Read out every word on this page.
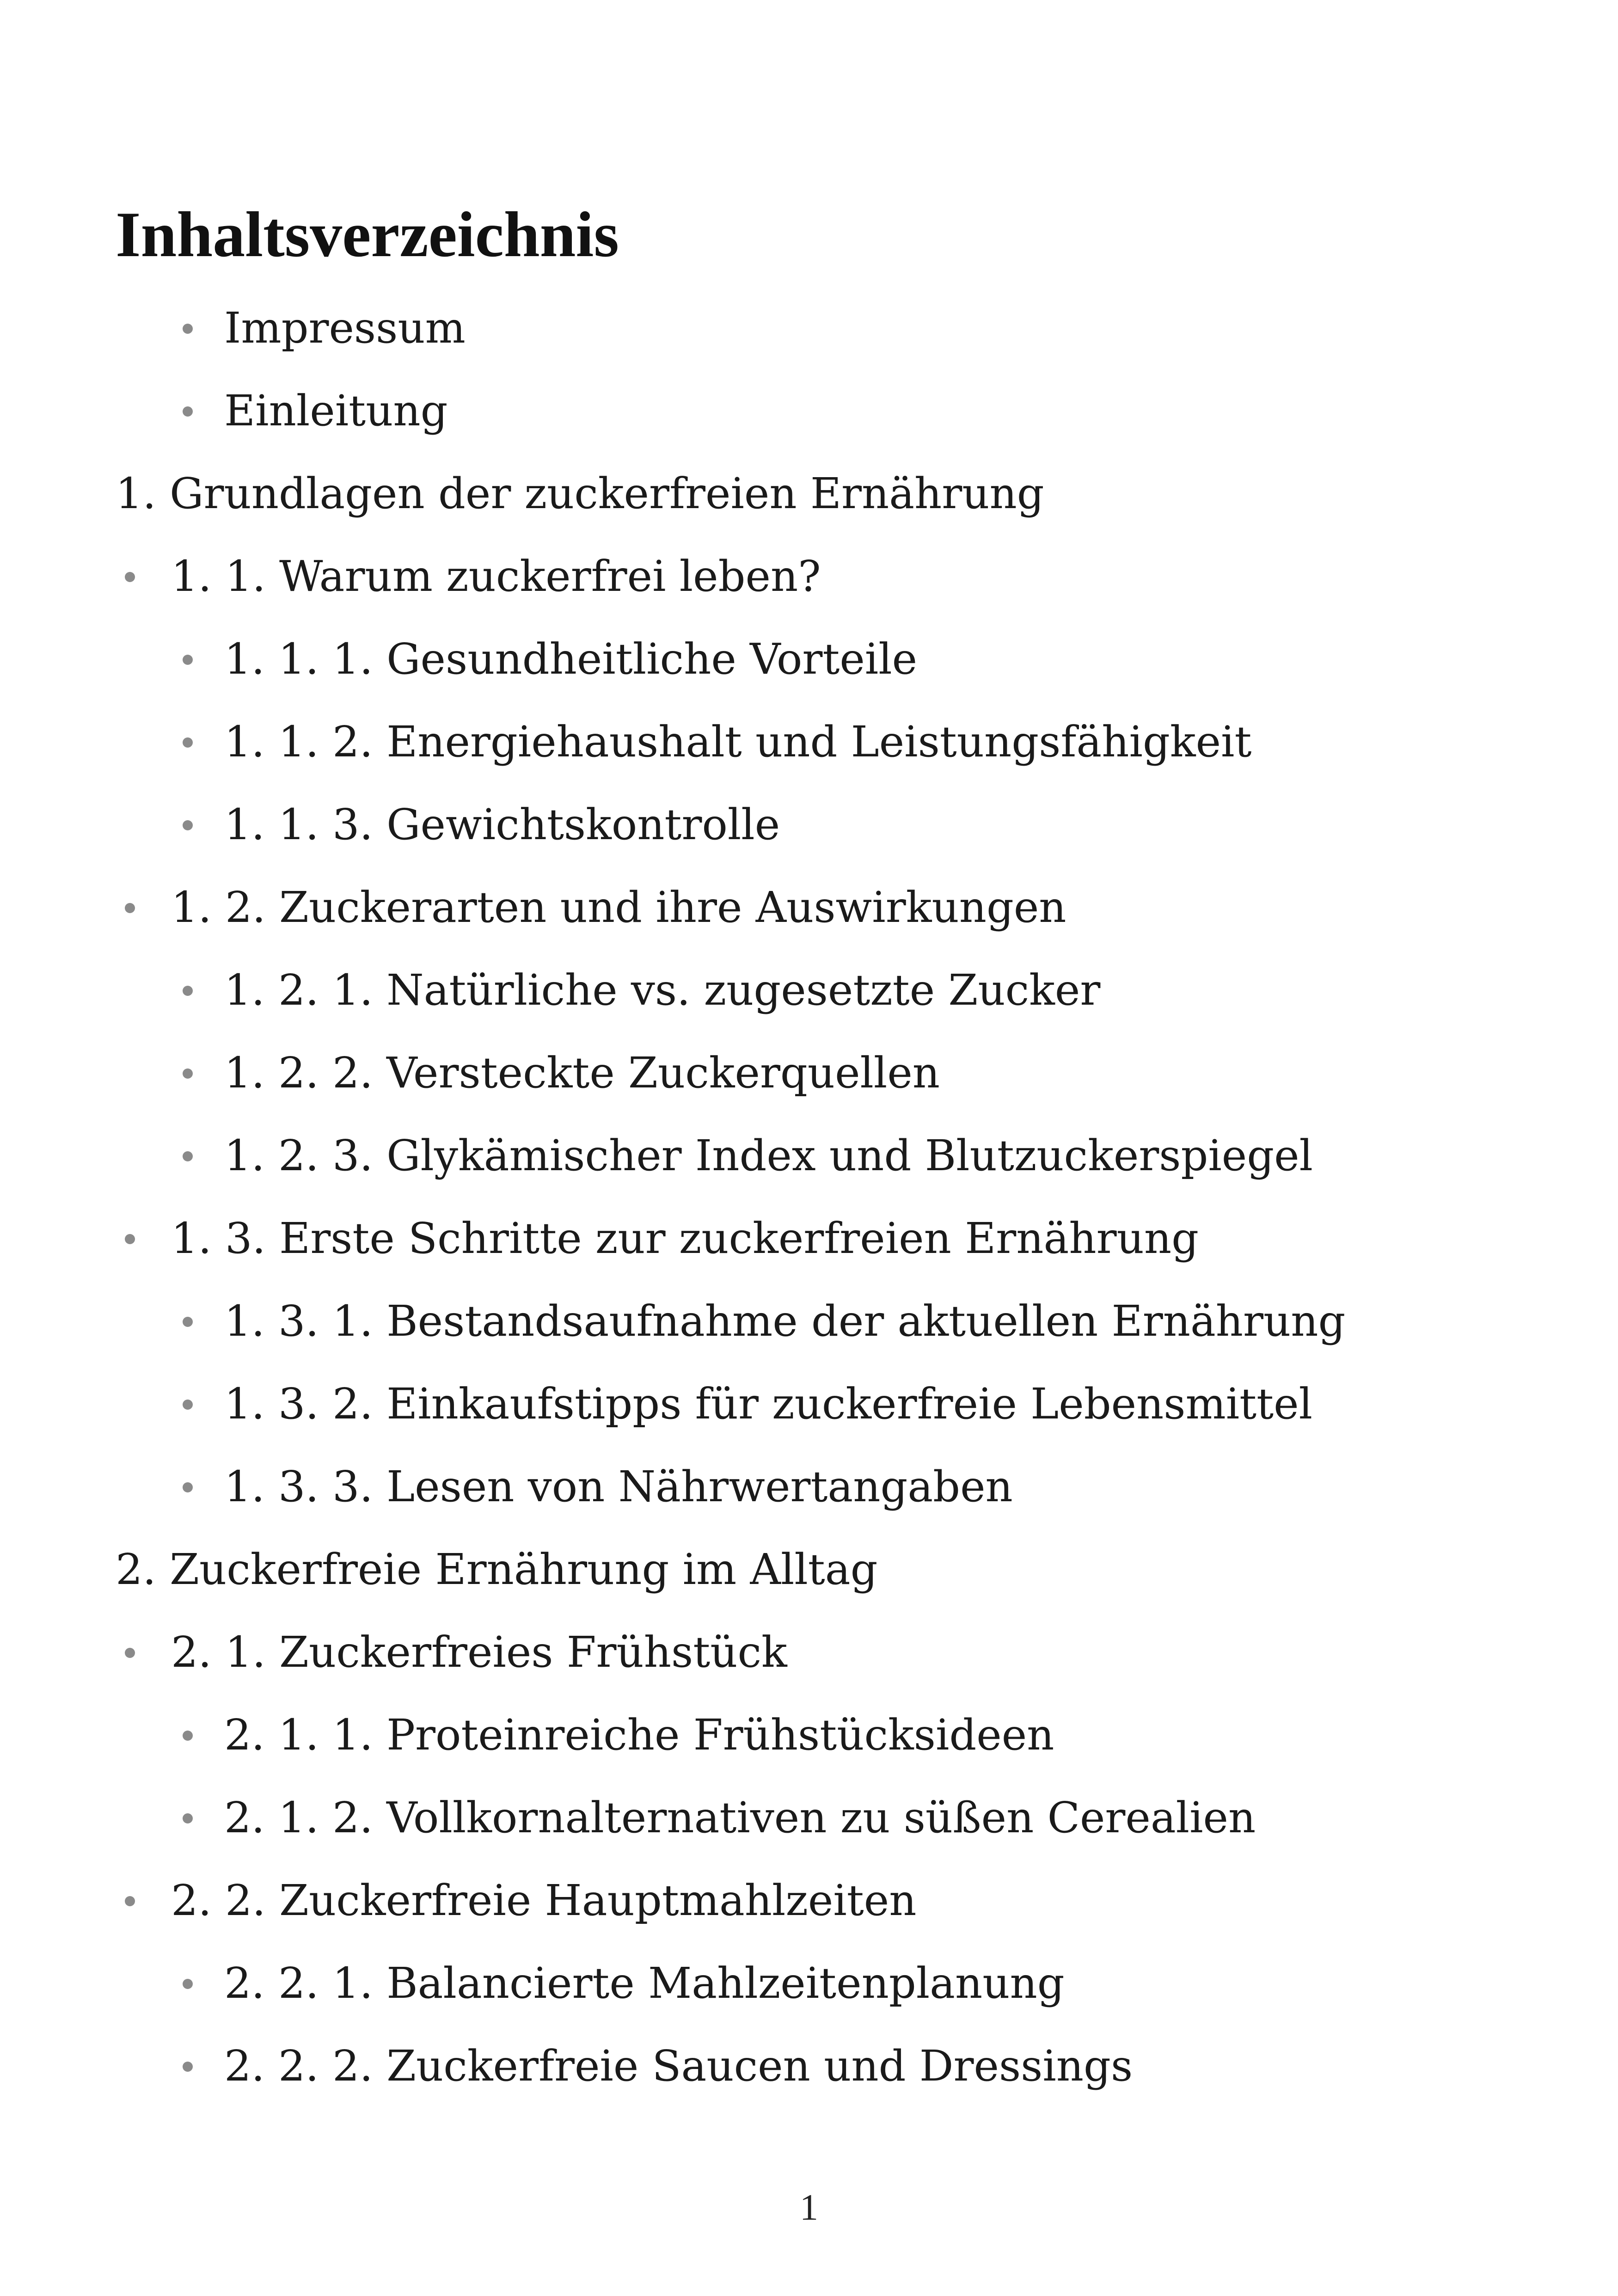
Inhaltsverzeichnis
Impressum
Einleitung
1. Grundlagen der zuckerfreien Ernährung
1. 1. Warum zuckerfrei leben?
1. 1. 1. Gesundheitliche Vorteile
1. 1. 2. Energiehaushalt und Leistungsfähigkeit
1. 1. 3. Gewichtskontrolle
1. 2. Zuckerarten und ihre Auswirkungen
1. 2. 1. Natürliche vs. zugesetzte Zucker
1. 2. 2. Versteckte Zuckerquellen
1. 2. 3. Glykämischer Index und Blutzuckerspiegel
1. 3. Erste Schritte zur zuckerfreien Ernährung
1. 3. 1. Bestandsaufnahme der aktuellen Ernährung
1. 3. 2. Einkaufstipps für zuckerfreie Lebensmittel
1. 3. 3. Lesen von Nährwertangaben
2. Zuckerfreie Ernährung im Alltag
2. 1. Zuckerfreies Frühstück
2. 1. 1. Proteinreiche Frühstücksideen
2. 1. 2. Vollkornalternativen zu süßen Cerealien
2. 2. Zuckerfreie Hauptmahlzeiten
2. 2. 1. Balancierte Mahlzeitenplanung
2. 2. 2. Zuckerfreie Saucen und Dressings
1
